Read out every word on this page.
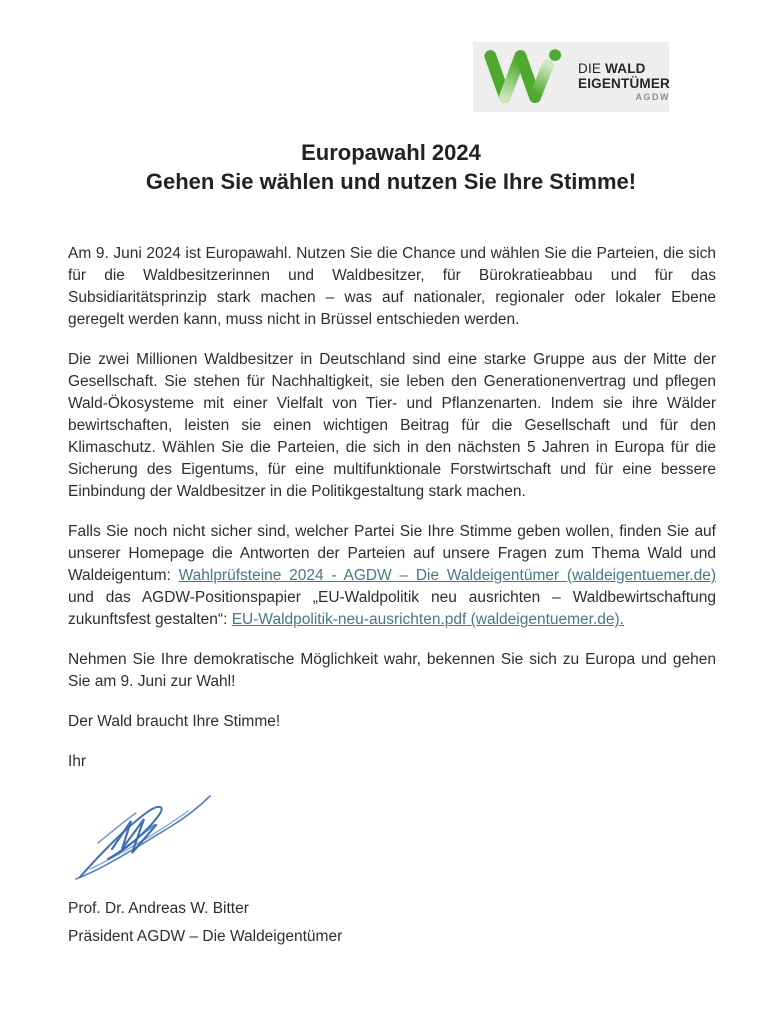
DIE WALD
EIGENTÜMER
AGDW
Europawahl 2024
Gehen Sie wählen und nutzen Sie Ihre Stimme!

Am 9. Juni 2024 ist Europawahl. Nutzen Sie die Chance und wählen Sie die Parteien, die sich für die Waldbesitzerinnen und Waldbesitzer, für Bürokratieabbau und für das Subsidiaritätsprinzip stark machen – was auf nationaler, regionaler oder lokaler Ebene geregelt werden kann, muss nicht in Brüssel entschieden werden.

Die zwei Millionen Waldbesitzer in Deutschland sind eine starke Gruppe aus der Mitte der Gesellschaft. Sie stehen für Nachhaltigkeit, sie leben den Generationenvertrag und pflegen Wald-Ökosysteme mit einer Vielfalt von Tier- und Pflanzenarten. Indem sie ihre Wälder bewirtschaften, leisten sie einen wichtigen Beitrag für die Gesellschaft und für den Klimaschutz. Wählen Sie die Parteien, die sich in den nächsten 5 Jahren in Europa für die Sicherung des Eigentums, für eine multifunktionale Forstwirtschaft und für eine bessere Einbindung der Waldbesitzer in die Politikgestaltung stark machen.

Falls Sie noch nicht sicher sind, welcher Partei Sie Ihre Stimme geben wollen, finden Sie auf unserer Homepage die Antworten der Parteien auf unsere Fragen zum Thema Wald und Waldeigentum: Wahlprüfsteine 2024 - AGDW – Die Waldeigentümer (waldeigentuemer.de) und das AGDW-Positionspapier „EU-Waldpolitik neu ausrichten – Waldbewirtschaftung zukunftsfest gestalten“: EU-Waldpolitik-neu-ausrichten.pdf (waldeigentuemer.de).

Nehmen Sie Ihre demokratische Möglichkeit wahr, bekennen Sie sich zu Europa und gehen Sie am 9. Juni zur Wahl!

Der Wald braucht Ihre Stimme!

Ihr

Prof. Dr. Andreas W. Bitter
Präsident AGDW – Die Waldeigentümer
